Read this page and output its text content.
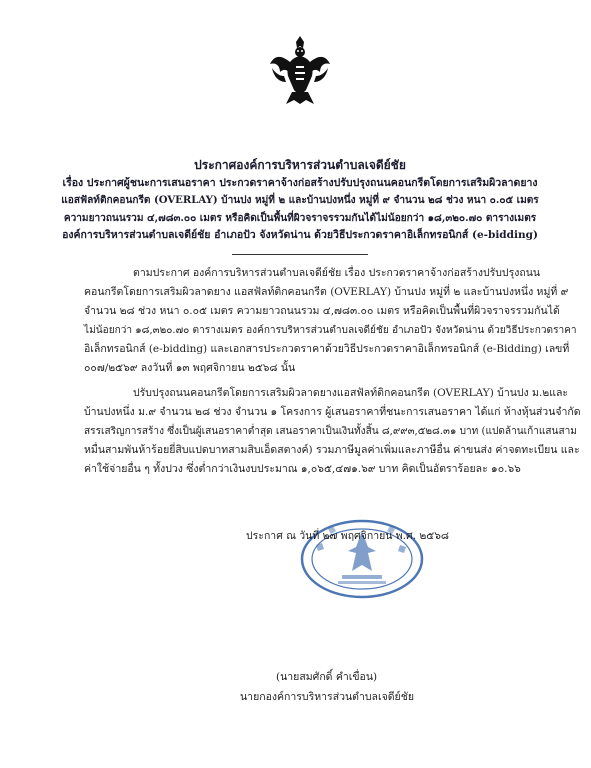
ประกาศองค์การบริหารส่วนตำบลเจดีย์ชัย
เรื่อง ประกาศผู้ชนะการเสนอราคา ประกวดราคาจ้างก่อสร้างปรับปรุงถนนคอนกรีตโดยการเสริมผิวลาดยาง
แอสฟัลท์ติกคอนกรีต (OVERLAY) บ้านปง หมู่ที่ ๒ และบ้านปงหนึ่ง หมู่ที่ ๙ จำนวน ๒๘ ช่วง หนา ๐.๐๕ เมตร
ความยาวถนนรวม ๔,๗๘๓.๐๐ เมตร หรือคิดเป็นพื้นที่ผิวจราจรรวมกันได้ไม่น้อยกว่า ๑๘,๓๒๐.๗๐ ตารางเมตร
องค์การบริหารส่วนตำบลเจดีย์ชัย อำเภอปัว จังหวัดน่าน ด้วยวิธีประกวดราคาอิเล็กทรอนิกส์ (e-bidding)
ตามประกาศ องค์การบริหารส่วนตำบลเจดีย์ชัย เรื่อง ประกวดราคาจ้างก่อสร้างปรับปรุงถนน
คอนกรีตโดยการเสริมผิวลาดยาง แอสฟัลท์ติกคอนกรีต (OVERLAY) บ้านปง หมู่ที่ ๒ และบ้านปงหนึ่ง หมู่ที่ ๙
จำนวน ๒๘ ช่วง หนา ๐.๐๕ เมตร ความยาวถนนรวม ๔,๗๘๓.๐๐ เมตร หรือคิดเป็นพื้นที่ผิวจราจรรวมกันได้
ไม่น้อยกว่า ๑๘,๓๒๐.๗๐ ตารางเมตร องค์การบริหารส่วนตำบลเจดีย์ชัย อำเภอปัว จังหวัดน่าน ด้วยวิธีประกวดราคา
อิเล็กทรอนิกส์ (e-bidding) และเอกสารประกวดราคาด้วยวิธีประกวดราคาอิเล็กทรอนิกส์ (e-Bidding) เลขที่
๐๐๗/๒๕๖๙ ลงวันที่ ๑๓ พฤศจิกายน ๒๕๖๘ นั้น
ปรับปรุงถนนคอนกรีตโดยการเสริมผิวลาดยางแอสฟัลท์ติกคอนกรีต (OVERLAY) บ้านปง ม.๒และ
บ้านปงหนึ่ง ม.๙ จำนวน ๒๘ ช่วง จำนวน ๑ โครงการ ผู้เสนอราคาที่ชนะการเสนอราคา ได้แก่ ห้างหุ้นส่วนจำกัด
สรรเสริญการสร้าง ซึ่งเป็นผู้เสนอราคาต่ำสุด เสนอราคาเป็นเงินทั้งสิ้น ๘,๙๙๓,๕๒๘.๓๑ บาท (แปดล้านเก้าแสนสาม
หมื่นสามพันห้าร้อยยี่สิบแปดบาทสามสิบเอ็ดสตางค์) รวมภาษีมูลค่าเพิ่มและภาษีอื่น ค่าขนส่ง ค่าจดทะเบียน และ
ค่าใช้จ่ายอื่น ๆ ทั้งปวง ซึ่งต่ำกว่าเงินงบประมาณ ๑,๐๖๕,๔๗๑.๖๙ บาท คิดเป็นอัตราร้อยละ ๑๐.๖๖
ประกาศ ณ วันที่ ๒๗ พฤศจิกายน พ.ศ. ๒๕๖๘
(นายสมศักดิ์ คำเขื่อน)
นายกองค์การบริหารส่วนตำบลเจดีย์ชัย
